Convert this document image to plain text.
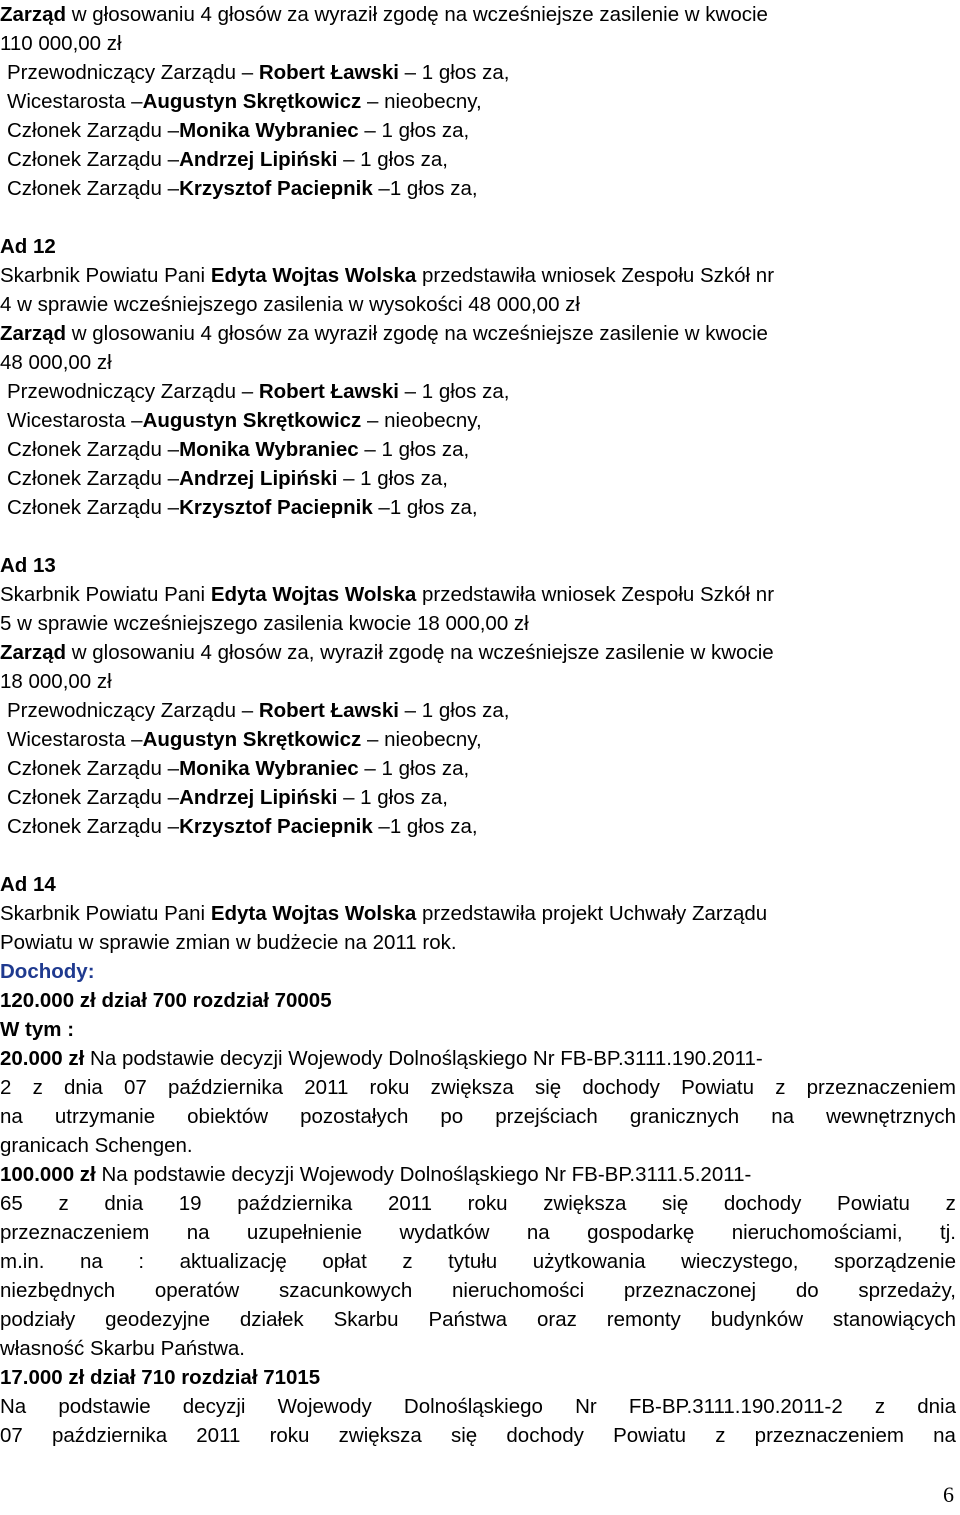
Zarząd w głosowaniu 4 głosów za wyraził zgodę na wcześniejsze zasilenie w kwocie
110 000,00 zł
Przewodniczący Zarządu – Robert Ławski – 1 głos za,
Wicestarosta –Augustyn Skrętkowicz – nieobecny,
Członek Zarządu –Monika Wybraniec – 1 głos za,
Członek Zarządu –Andrzej Lipiński – 1 głos za,
Członek Zarządu –Krzysztof Paciepnik –1 głos za,
Ad 12
Skarbnik Powiatu Pani Edyta Wojtas Wolska przedstawiła wniosek Zespołu Szkół nr
4 w sprawie wcześniejszego zasilenia w wysokości 48 000,00 zł
Zarząd w glosowaniu 4 głosów za wyraził zgodę na wcześniejsze zasilenie w kwocie
48 000,00 zł
Przewodniczący Zarządu – Robert Ławski – 1 głos za,
Wicestarosta –Augustyn Skrętkowicz – nieobecny,
Członek Zarządu –Monika Wybraniec – 1 głos za,
Członek Zarządu –Andrzej Lipiński – 1 głos za,
Członek Zarządu –Krzysztof Paciepnik –1 głos za,
Ad 13
Skarbnik Powiatu Pani Edyta Wojtas Wolska przedstawiła wniosek Zespołu Szkół nr
5 w sprawie wcześniejszego zasilenia kwocie 18 000,00 zł
Zarząd w glosowaniu 4 głosów za, wyraził zgodę na wcześniejsze zasilenie w kwocie
18 000,00 zł
Przewodniczący Zarządu – Robert Ławski – 1 głos za,
Wicestarosta –Augustyn Skrętkowicz – nieobecny,
Członek Zarządu –Monika Wybraniec – 1 głos za,
Członek Zarządu –Andrzej Lipiński – 1 głos za,
Członek Zarządu –Krzysztof Paciepnik –1 głos za,
Ad 14
Skarbnik Powiatu Pani Edyta Wojtas Wolska przedstawiła projekt Uchwały Zarządu
Powiatu w sprawie zmian w budżecie na 2011 rok.
Dochody:
120.000 zł dział 700 rozdział 70005
W tym :
20.000 zł Na podstawie decyzji Wojewody Dolnośląskiego Nr FB-BP.3111.190.2011-
2 z dnia 07 października 2011 roku zwiększa się dochody Powiatu z przeznaczeniem
na utrzymanie obiektów pozostałych po przejściach granicznych na wewnętrznych
granicach Schengen.
100.000 zł Na podstawie decyzji Wojewody Dolnośląskiego Nr FB-BP.3111.5.2011-
65 z dnia 19 października 2011 roku zwiększa się dochody Powiatu z
przeznaczeniem na uzupełnienie wydatków na gospodarkę nieruchomościami, tj.
m.in. na : aktualizację opłat z tytułu użytkowania wieczystego, sporządzenie
niezbędnych operatów szacunkowych nieruchomości przeznaczonej do sprzedaży,
podziały geodezyjne działek Skarbu Państwa oraz remonty budynków stanowiących
własność Skarbu Państwa.
17.000 zł dział 710 rozdział 71015
Na podstawie decyzji Wojewody Dolnośląskiego Nr FB-BP.3111.190.2011-2 z dnia
07 października 2011 roku zwiększa się dochody Powiatu z przeznaczeniem na
6
